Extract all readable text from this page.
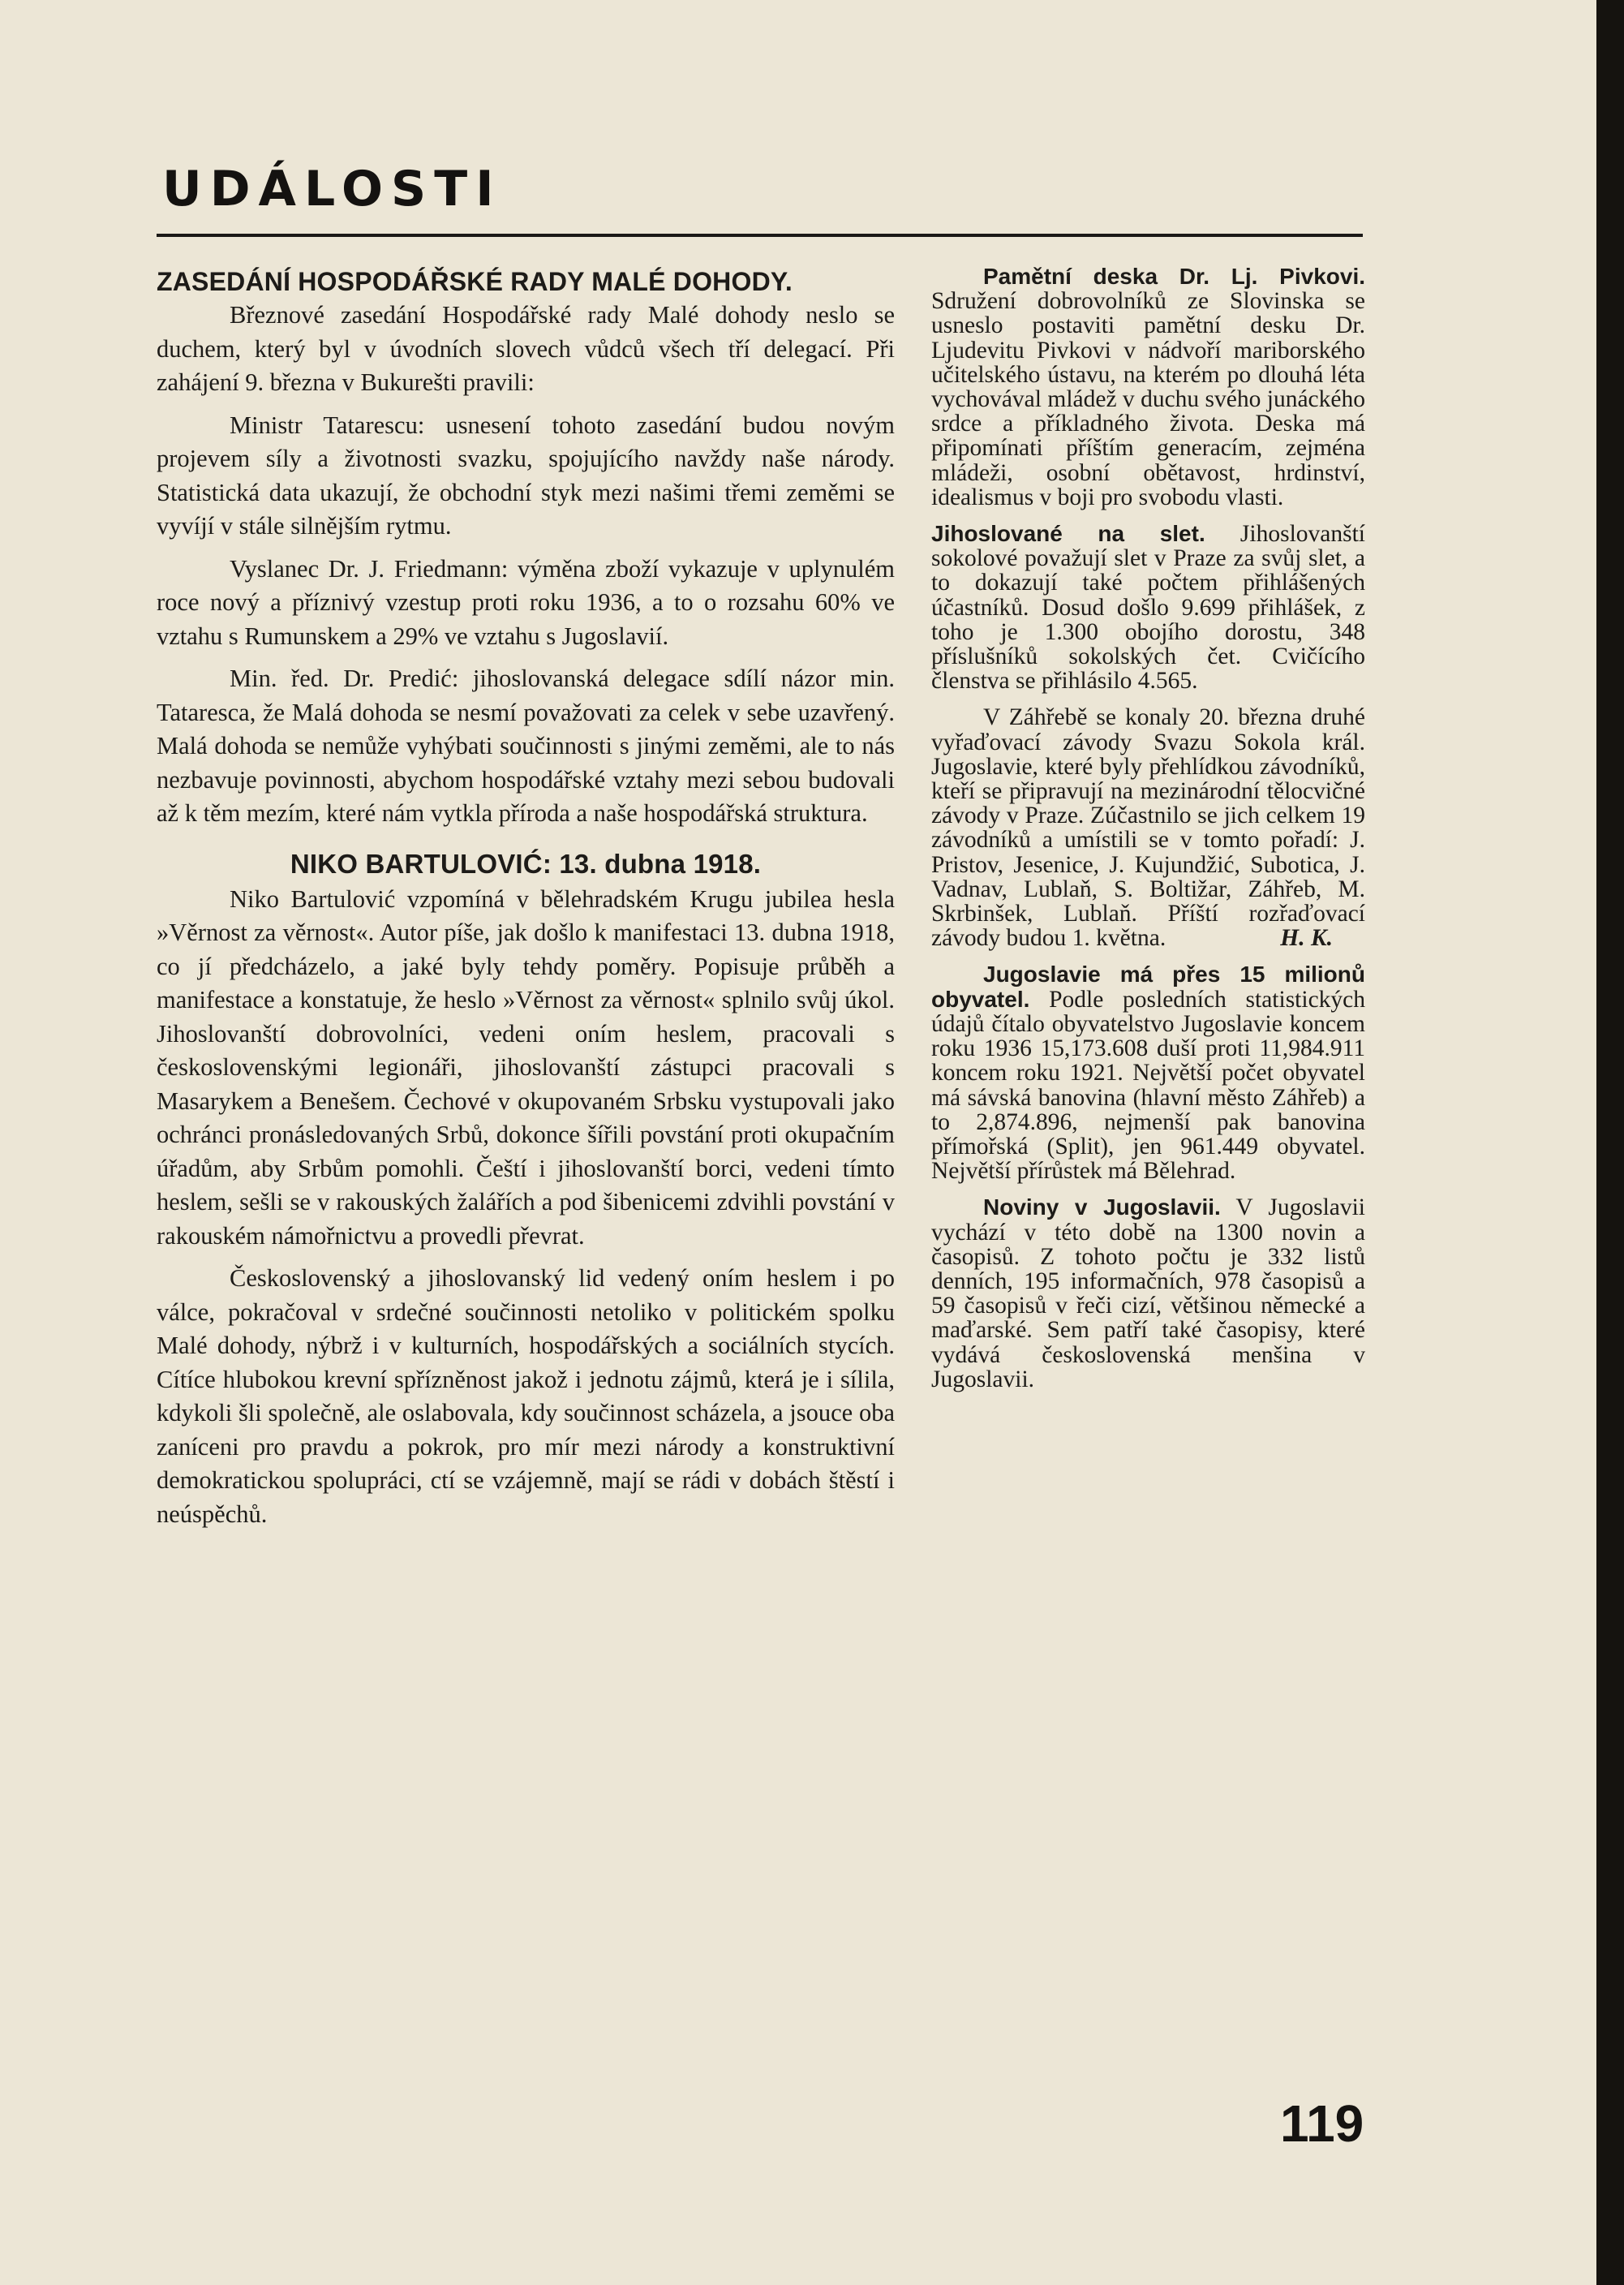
UDÁLOSTI
ZASEDÁNÍ HOSPODÁŘSKÉ RADY MALÉ DOHODY.

Březnové zasedání Hospodářské rady Malé dohody neslo se duchem, který byl v úvodních slovech vůdců všech tří delegací. Při zahájení 9. března v Bukurešti pravili:

Ministr Tatarescu: usnesení tohoto zasedání budou novým projevem síly a životnosti svazku, spojujícího navždy naše národy. Statistická data ukazují, že obchodní styk mezi našimi třemi zeměmi se vyvíjí v stále silnějším rytmu.

Vyslanec Dr. J. Friedmann: výměna zboží vykazuje v uplynulém roce nový a příznivý vzestup proti roku 1936, a to o rozsahu 60% ve vztahu s Rumunskem a 29% ve vztahu s Jugoslavií.

Min. řed. Dr. Predić: jihoslovanská delegace sdílí názor min. Tataresca, že Malá dohoda se nesmí považovati za celek v sebe uzavřený. Malá dohoda se nemůže vyhýbati součinnosti s jinými zeměmi, ale to nás nezbavuje povinnosti, abychom hospodářské vztahy mezi sebou budovali až k těm mezím, které nám vytkla příroda a naše hospodářská struktura.

NIKO BARTULOVIĆ: 13. dubna 1918.

Niko Bartulović vzpomíná v bělehradském Krugu jubilea hesla »Věrnost za věrnost«. Autor píše, jak došlo k manifestaci 13. dubna 1918, co jí předcházelo, a jaké byly tehdy poměry. Popisuje průběh a manifestace a konstatuje, že heslo »Věrnost za věrnost« splnilo svůj úkol. Jihoslovanští dobrovolníci, vedeni oním heslem, pracovali s československými legionáři, jihoslovanští zástupci pracovali s Masarykem a Benešem. Čechové v okupovaném Srbsku vystupovali jako ochránci pronásledovaných Srbů, dokonce šířili povstání proti okupačním úřadům, aby Srbům pomohli. Čeští i jihoslovanští borci, vedeni tímto heslem, sešli se v rakouských žalářích a pod šibenicemi zdvihli povstání v rakouském námořnictvu a provedli převrat.

Československý a jihoslovanský lid vedený oním heslem i po válce, pokračoval v srdečné součinnosti netoliko v politickém spolku Malé dohody, nýbrž i v kulturních, hospodářských a sociálních stycích. Cítíce hlubokou krevní spřízněnost jakož i jednotu zájmů, která je i sílila, kdykoli šli společně, ale oslabovala, kdy součinnost scházela, a jsouce oba zaníceni pro pravdu a pokrok, pro mír mezi národy a konstruktivní demokratickou spolupráci, ctí se vzájemně, mají se rádi v dobách štěstí i neúspěchů.

Pamětní deska Dr. Lj. Pivkovi. Sdružení dobrovolníků ze Slovinska se usneslo postaviti pamětní desku Dr. Ljudevitu Pivkovi v nádvoří mariborského učitelského ústavu, na kterém po dlouhá léta vychovával mládež v duchu svého junáckého srdce a příkladného života. Deska má připomínati příštím generacím, zejména mládeži, osobní obětavost, hrdinství, idealismus v boji pro svobodu vlasti.

Jihoslované na slet. Jihoslovanští sokolové považují slet v Praze za svůj slet, a to dokazují také počtem přihlášených účastníků. Dosud došlo 9.699 přihlášek, z toho je 1.300 obojího dorostu, 348 příslušníků sokolských čet. Cvičícího členstva se přihlásilo 4.565.

V Záhřebě se konaly 20. března druhé vyřaďovací závody Svazu Sokola král. Jugoslavie, které byly přehlídkou závodníků, kteří se připravují na mezinárodní tělocvičné závody v Praze. Zúčastnilo se jich celkem 19 závodníků a umístili se v tomto pořadí: J. Pristov, Jesenice, J. Kujundžić, Subotica, J. Vadnav, Lublaň, S. Boltižar, Záhřeb, M. Skrbinšek, Lublaň. Příští rozřaďovací závody budou 1. května.	H. K.

Jugoslavie má přes 15 milionů obyvatel. Podle posledních statistických údajů čítalo obyvatelstvo Jugoslavie koncem roku 1936 15,173.608 duší proti 11,984.911 koncem roku 1921. Největší počet obyvatel má sávská banovina (hlavní město Záhřeb) a to 2,874.896, nejmenší pak banovina přímořská (Split), jen 961.449 obyvatel. Největší přírůstek má Bělehrad.

Noviny v Jugoslavii. V Jugoslavii vychází v této době na 1300 novin a časopisů. Z tohoto počtu je 332 listů denních, 195 informačních, 978 časopisů a 59 časopisů v řeči cizí, většinou německé a maďarské. Sem patří také časopisy, které vydává československá menšina v Jugoslavii.

119
